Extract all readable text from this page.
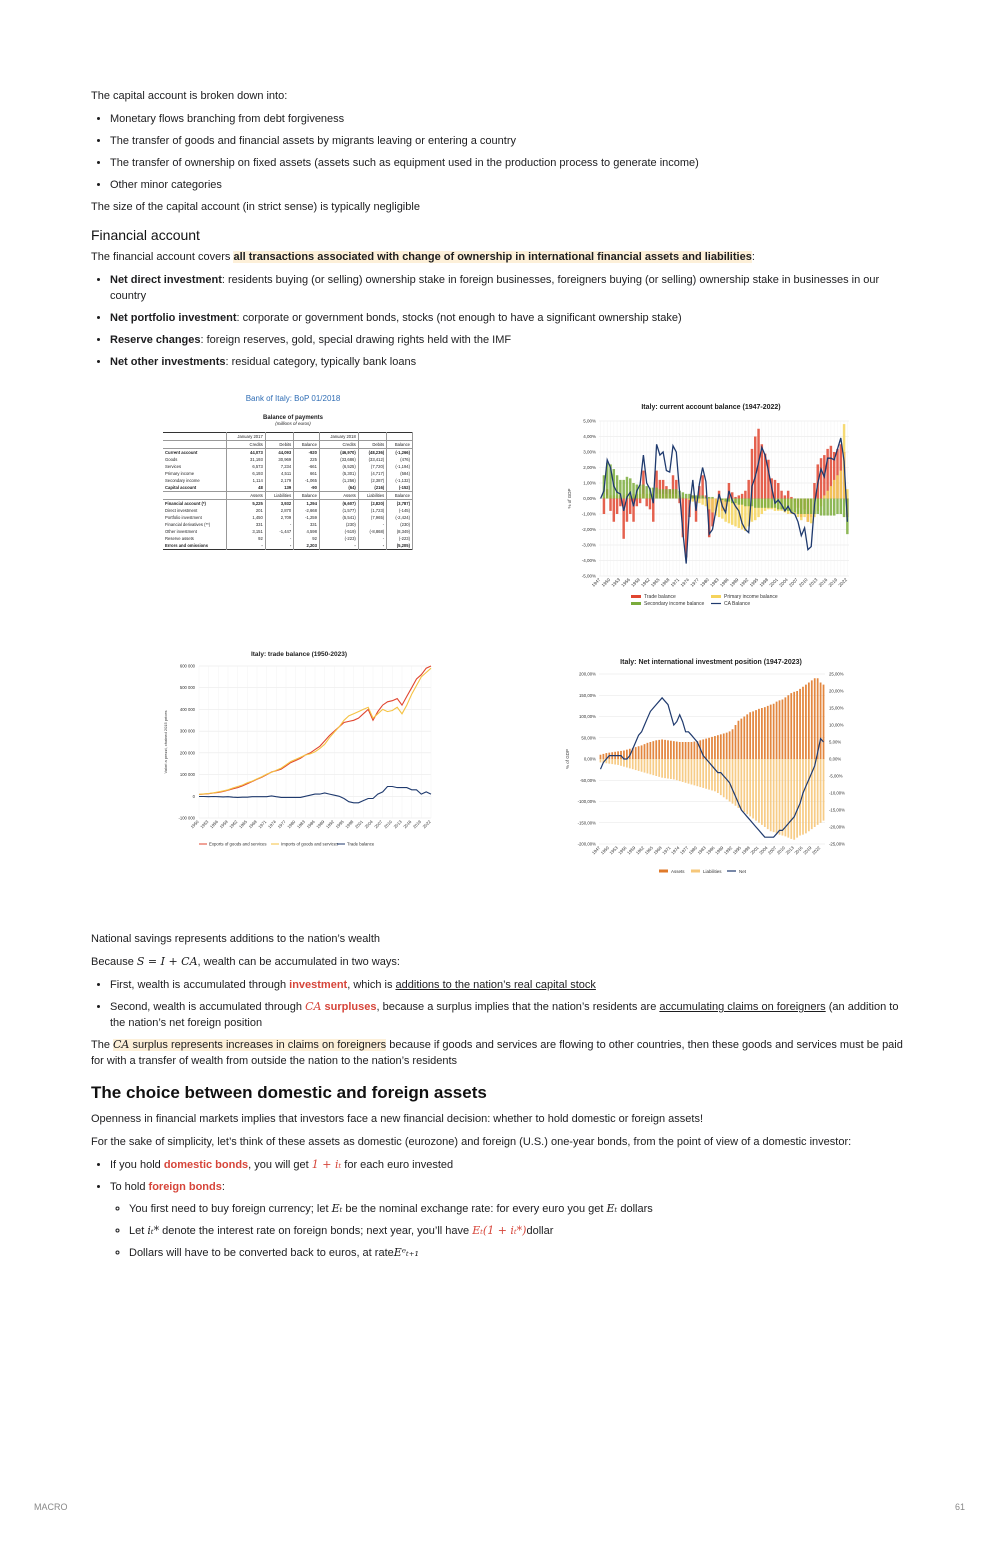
The capital account is broken down into:

• Monetary flows branching from debt forgiveness
• The transfer of goods and financial assets by migrants leaving or entering a country
• The transfer of ownership on fixed assets (assets such as equipment used in the production process to generate income)
• Other minor categories

The size of the capital account (in strict sense) is typically negligible

Financial account

The financial account covers all transactions associated with change of ownership in international financial assets and liabilities:

• Net direct investment: residents buying (or selling) ownership stake in foreign businesses, foreigners buying (or selling) ownership stake in businesses in our country
• Net portfolio investment: corporate or government bonds, stocks (not enough to have a significant ownership stake)
• Reserve changes: foreign reserves, gold, special drawing rights held with the IMF
• Net other investments: residual category, typically bank loans
Bank of Italy: BoP 01/2018
Balance of payments
(millions of euros)
	January 2017			January 2018		
	Credits	Debits	Balance	Credits	Debits	Balance
Current account	44,073	44,093	-920	(46,970)	(48,236)	(-1,266)
Goods	31,193	30,969	225	(33,686)	(33,412)	(476)
Services	6,573	7,234	-661	(6,525)	(7,720)	(-1,194)
Primary income	6,193	4,511	661	(5,301)	(4,717)	(584)
Secondary income	1,114	2,179	-1,065	(1,256)	(2,387)	(-1,132)
Capital account	48	139	-90	(64)	(216)	(-152)
	Assets	Liabilities	Balance	Assets	Liabilities	Balance
Financial account (*)	5,225	3,932	1,294	(6,607)	(2,820)	(3,787)
Direct investment	201	2,870	-2,668	(1,577)	(1,723)	(-145)
Portfolio investment	1,450	2,709	-1,259	(5,541)	(7,965)	(-2,424)
Financial derivatives (**)	331	-	331	(230)	-	(230)
Other investment	3,151	-1,447	4,598	(-519)	(-8,868)	(8,349)
Reserve assets	92	-	92	(-223)	-	(-223)
Errors and omissions	-	-	2,203	-	-	(5,205)
Italy: current account balance (1947-2022)
5,00%
4,00%
3,00%
2,00%
1,00%
0,00%
-1,00%
-2,00%
-3,00%
-4,00%
-5,00%
% of GDP
1947 1950 1953 1956 1959 1962 1965 1968 1971 1974 1977 1980 1983 1986 1989 1992 1995 1998 2001 2004 2007 2010 2013 2016 2019 2022
Trade balance	Primary income balance
Secondary income balance	CA Balance
Italy: trade balance (1950-2023)
600 000
500 000
400 000
300 000
200 000
100 000
0
-100 000
1950 1953 1956 1959 1962 1965 1968 1971 1974 1977 1980 1983 1986 1989 1992 1995 1998 2001 2004 2007 2010 2013 2016 2019 2022
Valori a prezzi, chained 2015 prices
Exports of goods and services	Imports of goods and services Trade balance
Italy: Net international investment position (1947-2023)
200,00%
150,00%
100,00%
50,00%
0,00%
-50,00%
-100,00%
-150,00%
-200,00%
25,00%
20,00%
15,00%
10,00%
5,00%
0,00%
-5,00%
-10,00%
-15,00%
-20,00%
-25,00%
% of GDP
1947
1950
1953
1956
1959
1962
1965
1968
1971
1974
1977
1980
1983
1986
1989
1992
1995
1998
2001
2004
2007
2010
2013
2016
2019
2022
Assets	Liabilities	Net

National savings represents additions to the nation’s wealth

Because S = I + CA, wealth can be accumulated in two ways:

• First, wealth is accumulated through investment, which is additions to the nation’s real capital stock
• Second, wealth is accumulated through CA surpluses, because a surplus implies that the nation’s residents are accumulating claims on foreigners (an addition to the nation’s net foreign position

The CA surplus represents increases in claims on foreigners because if goods and services are flowing to other countries, then these goods and services must be paid for with a transfer of wealth from outside the nation to the nation’s residents

The choice between domestic and foreign assets

Openness in financial markets implies that investors face a new financial decision: whether to hold domestic or foreign assets!

For the sake of simplicity, let’s think of these assets as domestic (eurozone) and foreign (U.S.) one-year bonds, from the point of view of a domestic investor:

• If you hold domestic bonds, you will get 1 + iₜ for each euro invested
• To hold foreign bonds:
◦ You first need to buy foreign currency; let Eₜ be the nominal exchange rate: for every euro you get Eₜ dollars
◦ Let iₜ* denote the interest rate on foreign bonds; next year, you’ll have Eₜ(1 + iₜ*)dollar
◦ Dollars will have to be converted back to euros, at rateEᵉₜ₊₁
MACRO	61
